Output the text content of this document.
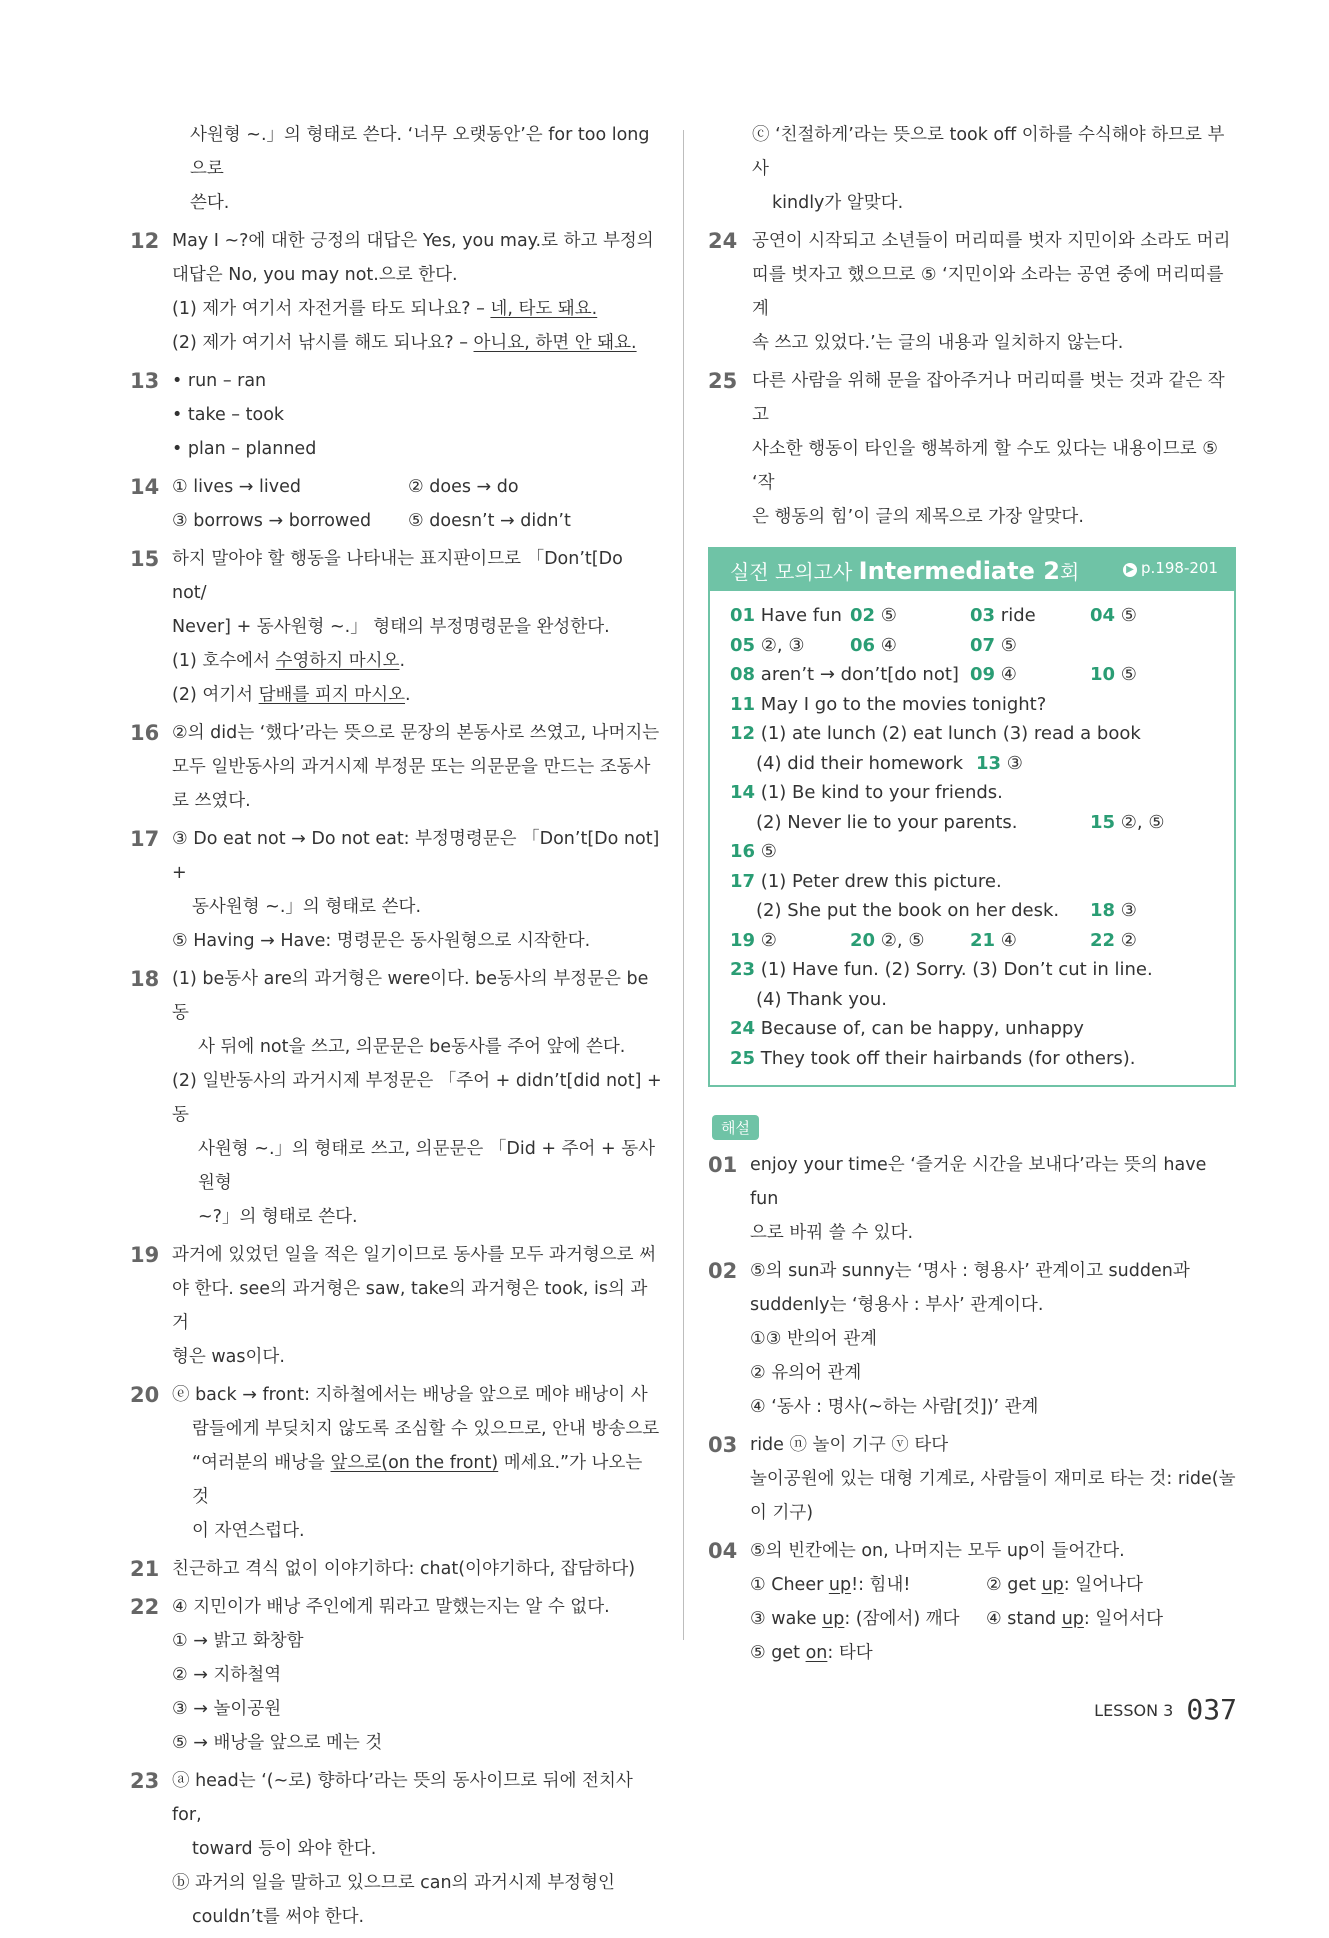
사원형 ~.」의 형태로 쓴다. ‘너무 오랫동안’은 for too long으로
쓴다.
12 May I ~?에 대한 긍정의 대답은 Yes, you may.로 하고 부정의
대답은 No, you may not.으로 한다.
(1) 제가 여기서 자전거를 타도 되나요? – 네, 타도 돼요.
(2) 제가 여기서 낚시를 해도 되나요? – 아니요, 하면 안 돼요.
13 • run – ran
• take – took
• plan – planned
14 ① lives → lived	② does → do
③ borrows → borrowed	⑤ doesn’t → didn’t
15 하지 말아야 할 행동을 나타내는 표지판이므로 「Don’t[Do not/
Never] + 동사원형 ~.」 형태의 부정명령문을 완성한다.
(1) 호수에서 수영하지 마시오.
(2) 여기서 담배를 피지 마시오.
16 ②의 did는 ‘했다’라는 뜻으로 문장의 본동사로 쓰였고, 나머지는
모두 일반동사의 과거시제 부정문 또는 의문문을 만드는 조동사
로 쓰였다.
17 ③ Do eat not → Do not eat: 부정명령문은 「Don’t[Do not] +
동사원형 ~.」의 형태로 쓴다.
⑤ Having → Have: 명령문은 동사원형으로 시작한다.
18 (1) be동사 are의 과거형은 were이다. be동사의 부정문은 be동
사 뒤에 not을 쓰고, 의문문은 be동사를 주어 앞에 쓴다.
(2) 일반동사의 과거시제 부정문은 「주어 + didn’t[did not] + 동
사원형 ~.」의 형태로 쓰고, 의문문은 「Did + 주어 + 동사원형
~?」의 형태로 쓴다.
19 과거에 있었던 일을 적은 일기이므로 동사를 모두 과거형으로 써
야 한다. see의 과거형은 saw, take의 과거형은 took, is의 과거
형은 was이다.
20 ⓔ back → front: 지하철에서는 배낭을 앞으로 메야 배낭이 사
람들에게 부딪치지 않도록 조심할 수 있으므로, 안내 방송으로
“여러분의 배낭을 앞으로(on the front) 메세요.”가 나오는 것
이 자연스럽다.
21 친근하고 격식 없이 이야기하다: chat(이야기하다, 잡담하다)
22 ④ 지민이가 배낭 주인에게 뭐라고 말했는지는 알 수 없다.
① → 밝고 화창함
② → 지하철역
③ → 놀이공원
⑤ → 배낭을 앞으로 메는 것
23 ⓐ head는 ‘(~로) 향하다’라는 뜻의 동사이므로 뒤에 전치사 for,
toward 등이 와야 한다.
ⓑ 과거의 일을 말하고 있으므로 can의 과거시제 부정형인
couldn’t를 써야 한다.
ⓒ ‘친절하게’라는 뜻으로 took off 이하를 수식해야 하므로 부사
kindly가 알맞다.
24 공연이 시작되고 소년들이 머리띠를 벗자 지민이와 소라도 머리
띠를 벗자고 했으므로 ⑤ ‘지민이와 소라는 공연 중에 머리띠를 계
속 쓰고 있었다.’는 글의 내용과 일치하지 않는다.
25 다른 사람을 위해 문을 잡아주거나 머리띠를 벗는 것과 같은 작고
사소한 행동이 타인을 행복하게 할 수도 있다는 내용이므로 ⑤ ‘작
은 행동의 힘’이 글의 제목으로 가장 알맞다.
실전 모의고사 Intermediate 2회	▶ p.198-201
01 Have fun 02 ⑤	03 ride	04 ⑤
05 ②, ③	06 ④	07 ⑤
08 aren’t → don’t[do not] 09 ④	10 ⑤
11 May I go to the movies tonight?
12 (1) ate lunch (2) eat lunch (3) read a book
(4) did their homework 13 ③
14 (1) Be kind to your friends.
(2) Never lie to your parents.	15 ②, ⑤
16 ⑤
17 (1) Peter drew this picture.
(2) She put the book on her desk.	18 ③
19 ②	20 ②, ⑤	21 ④	22 ②
23 (1) Have fun. (2) Sorry. (3) Don’t cut in line.
(4) Thank you.
24 Because of, can be happy, unhappy
25 They took off their hairbands (for others).
해설
01 enjoy your time은 ‘즐거운 시간을 보내다’라는 뜻의 have fun
으로 바꿔 쓸 수 있다.
02 ⑤의 sun과 sunny는 ‘명사 : 형용사’ 관계이고 sudden과
suddenly는 ‘형용사 : 부사’ 관계이다.
①③ 반의어 관계
② 유의어 관계
④ ‘동사 : 명사(~하는 사람[것])’ 관계
03 ride ⓝ 놀이 기구 ⓥ 타다
놀이공원에 있는 대형 기계로, 사람들이 재미로 타는 것: ride(놀
이 기구)
04 ⑤의 빈칸에는 on, 나머지는 모두 up이 들어간다.
① Cheer up!: 힘내!	② get up: 일어나다
③ wake up: (잠에서) 깨다	④ stand up: 일어서다
⑤ get on: 타다
LESSON 3 037
